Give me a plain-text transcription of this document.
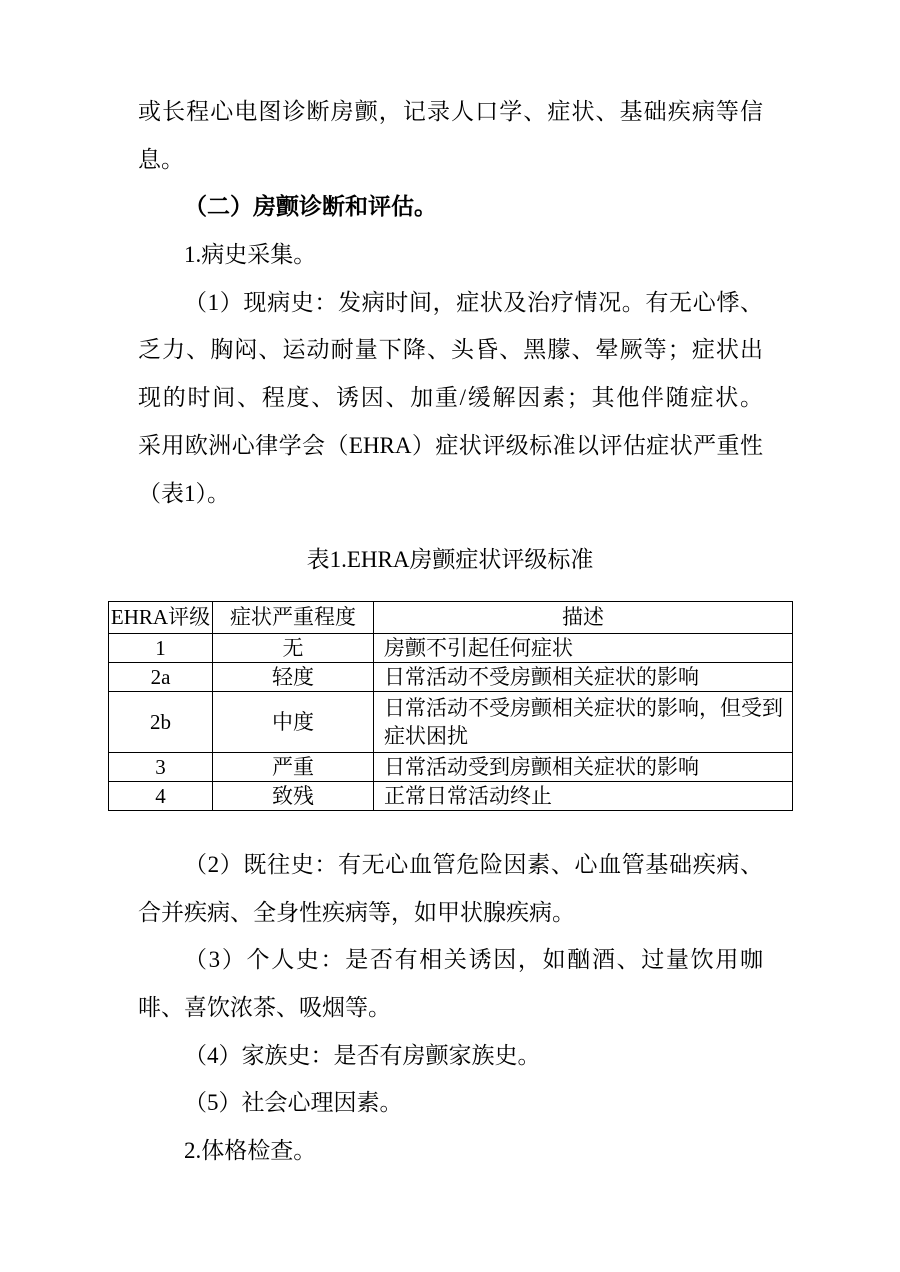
或长程心电图诊断房颤，记录人口学、症状、基础疾病等信
息。
（二）房颤诊断和评估。
1.病史采集。
（1）现病史：发病时间，症状及治疗情况。有无心悸、
乏力、胸闷、运动耐量下降、头昏、黑朦、晕厥等；症状出
现的时间、程度、诱因、加重/缓解因素；其他伴随症状。
采用欧洲心律学会（EHRA）症状评级标准以评估症状严重性
（表1）。
表1.EHRA房颤症状评级标准
EHRA评级	症状严重程度	描述
1	无	房颤不引起任何症状
2a	轻度	日常活动不受房颤相关症状的影响
2b	中度	日常活动不受房颤相关症状的影响，但受到症状困扰
3	严重	日常活动受到房颤相关症状的影响
4	致残	正常日常活动终止
（2）既往史：有无心血管危险因素、心血管基础疾病、
合并疾病、全身性疾病等，如甲状腺疾病。
（3）个人史：是否有相关诱因，如酗酒、过量饮用咖
啡、喜饮浓茶、吸烟等。
（4）家族史：是否有房颤家族史。
（5）社会心理因素。
2.体格检查。
